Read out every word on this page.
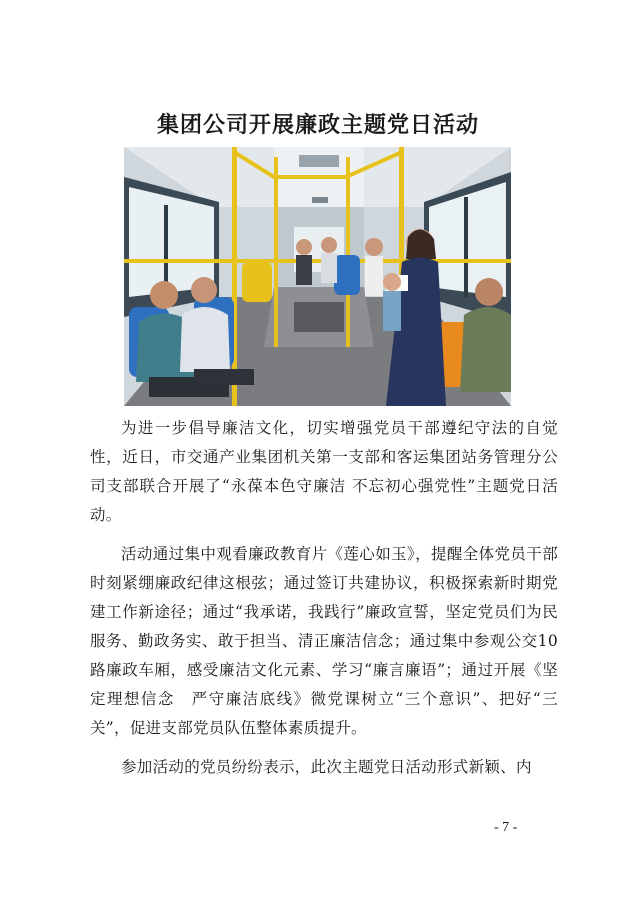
集团公司开展廉政主题党日活动

为进一步倡导廉洁文化，切实增强党员干部遵纪守法的自觉性，近日，市交通产业集团机关第一支部和客运集团站务管理分公司支部联合开展了“永葆本色守廉洁 不忘初心强党性”主题党日活动。

活动通过集中观看廉政教育片《莲心如玉》，提醒全体党员干部时刻紧绷廉政纪律这根弦；通过签订共建协议，积极探索新时期党建工作新途径；通过“我承诺，我践行”廉政宣誓，坚定党员们为民服务、勤政务实、敢于担当、清正廉洁信念；通过集中参观公交10路廉政车厢，感受廉洁文化元素、学习“廉言廉语”；通过开展《坚定理想信念　严守廉洁底线》微党课树立“三个意识”、把好“三关”，促进支部党员队伍整体素质提升。

参加活动的党员纷纷表示，此次主题党日活动形式新颖、内

- 7 -
